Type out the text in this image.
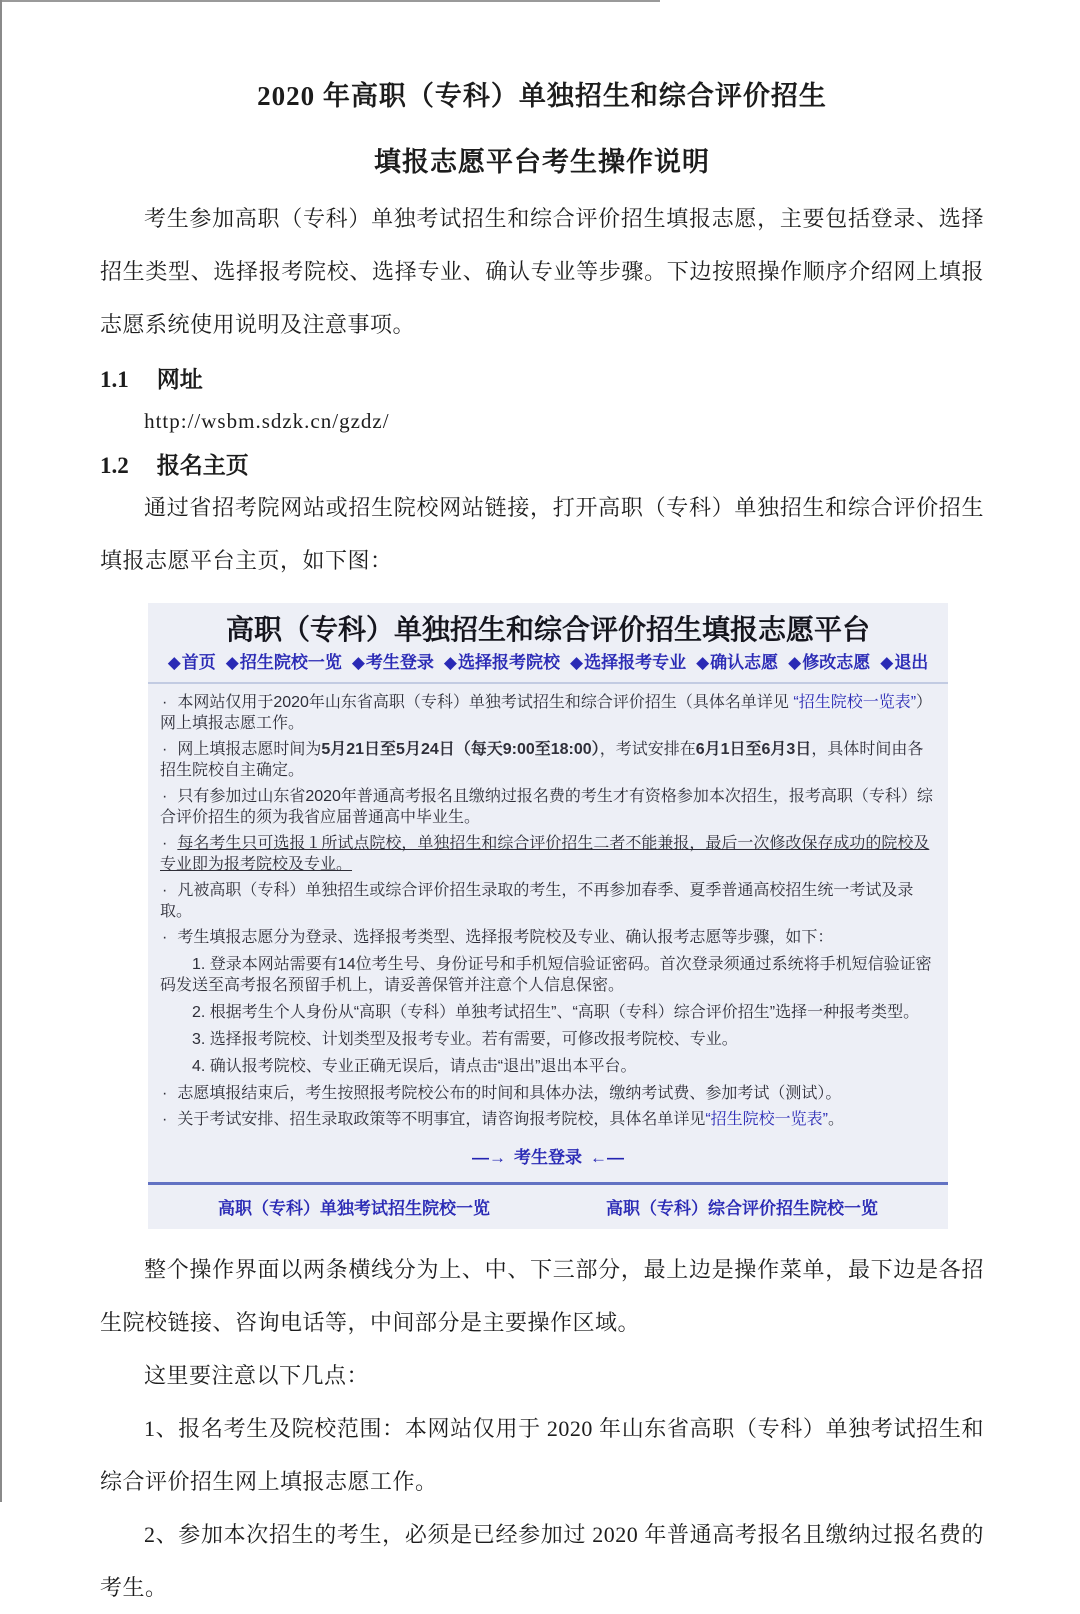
2020 年高职（专科）单独招生和综合评价招生
填报志愿平台考生操作说明

考生参加高职（专科）单独考试招生和综合评价招生填报志愿，主要包括登录、选择招生类型、选择报考院校、选择专业、确认专业等步骤。下边按照操作顺序介绍网上填报志愿系统使用说明及注意事项。

1.1 网址

http://wsbm.sdzk.cn/gzdz/

1.2 报名主页

通过省招考院网站或招生院校网站链接，打开高职（专科）单独招生和综合评价招生填报志愿平台主页，如下图：

高职（专科）单独招生和综合评价招生填报志愿平台
◆首页 ◆招生院校一览 ◆考生登录 ◆选择报考院校 ◆选择报考专业 ◆确认志愿 ◆修改志愿 ◆退出
· 本网站仅用于2020年山东省高职（专科）单独考试招生和综合评价招生（具体名单详见 “招生院校一览表”）网上填报志愿工作。
· 网上填报志愿时间为5月21日至5月24日（每天9:00至18:00），考试安排在6月1日至6月3日，具体时间由各招生院校自主确定。
· 只有参加过山东省2020年普通高考报名且缴纳过报名费的考生才有资格参加本次招生，报考高职（专科）综合评价招生的须为我省应届普通高中毕业生。
· 每名考生只可选报１所试点院校，单独招生和综合评价招生二者不能兼报，最后一次修改保存成功的院校及专业即为报考院校及专业。
· 凡被高职（专科）单独招生或综合评价招生录取的考生，不再参加春季、夏季普通高校招生统一考试及录取。
· 考生填报志愿分为登录、选择报考类型、选择报考院校及专业、确认报考志愿等步骤，如下：
1. 登录本网站需要有14位考生号、身份证号和手机短信验证密码。首次登录须通过系统将手机短信验证密码发送至高考报名预留手机上，请妥善保管并注意个人信息保密。
2. 根据考生个人身份从“高职（专科）单独考试招生”、“高职（专科）综合评价招生”选择一种报考类型。
3. 选择报考院校、计划类型及报考专业。若有需要，可修改报考院校、专业。
4. 确认报考院校、专业正确无误后，请点击“退出”退出本平台。
· 志愿填报结束后，考生按照报考院校公布的时间和具体办法，缴纳考试费、参加考试（测试）。
· 关于考试安排、招生录取政策等不明事宜，请咨询报考院校，具体名单详见“招生院校一览表”。
—→ 考生登录 ←—
高职（专科）单独考试招生院校一览	高职（专科）综合评价招生院校一览

整个操作界面以两条横线分为上、中、下三部分，最上边是操作菜单，最下边是各招生院校链接、咨询电话等，中间部分是主要操作区域。

这里要注意以下几点：

1、报名考生及院校范围：本网站仅用于 2020 年山东省高职（专科）单独考试招生和综合评价招生网上填报志愿工作。

2、参加本次招生的考生，必须是已经参加过 2020 年普通高考报名且缴纳过报名费的考生。
